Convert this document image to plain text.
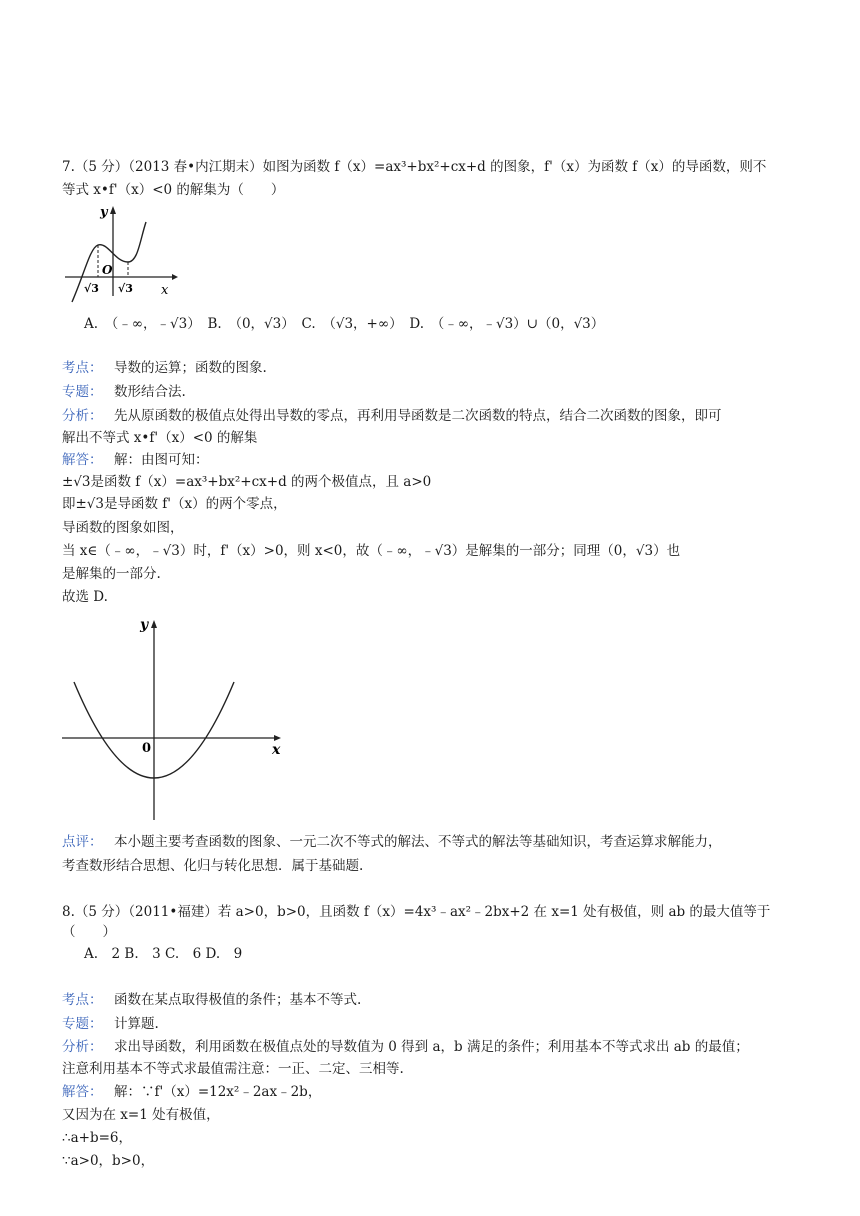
7.（5 分）（2013 春•内江期末）如图为函数 f（x）=ax³+bx²+cx+d 的图象，f'（x）为函数 f（x）的导函数，则不
等式 x•f'（x）<0 的解集为（　　）
y
x
O
√3 √3
A.　（﹣∞，﹣√3）　B.　（0，√3）　C.　（√3，+∞）　D.　（﹣∞，﹣√3）∪（0，√3）
考点： 导数的运算；函数的图象.
专题： 数形结合法.
分析： 先从原函数的极值点处得出导数的零点，再利用导函数是二次函数的特点，结合二次函数的图象，即可
解出不等式 x•f'（x）<0 的解集
解答： 解：由图可知：
±√3是函数 f（x）=ax³+bx²+cx+d 的两个极值点，且 a>0
即±√3是导函数 f'（x）的两个零点，
导函数的图象如图，
当 x∈（﹣∞，﹣√3）时，f'（x）>0，则 x<0，故（﹣∞，﹣√3）是解集的一部分；同理（0，√3）也
是解集的一部分.
故选 D.
y
x
0
点评： 本小题主要考查函数的图象、一元二次不等式的解法、不等式的解法等基础知识，考查运算求解能力，
考查数形结合思想、化归与转化思想．属于基础题.
8.（5 分）（2011•福建）若 a>0，b>0，且函数 f（x）=4x³﹣ax²﹣2bx+2 在 x=1 处有极值，则 ab 的最大值等于
（　　）
A.　2 B.　3 C.　6 D.　9
考点： 函数在某点取得极值的条件；基本不等式.
专题： 计算题.
分析： 求出导函数，利用函数在极值点处的导数值为 0 得到 a，b 满足的条件；利用基本不等式求出 ab 的最值；
注意利用基本不等式求最值需注意：一正、二定、三相等.
解答： 解：∵f'（x）=12x²﹣2ax﹣2b，
又因为在 x=1 处有极值，
∴a+b=6，
∵a>0，b>0，
